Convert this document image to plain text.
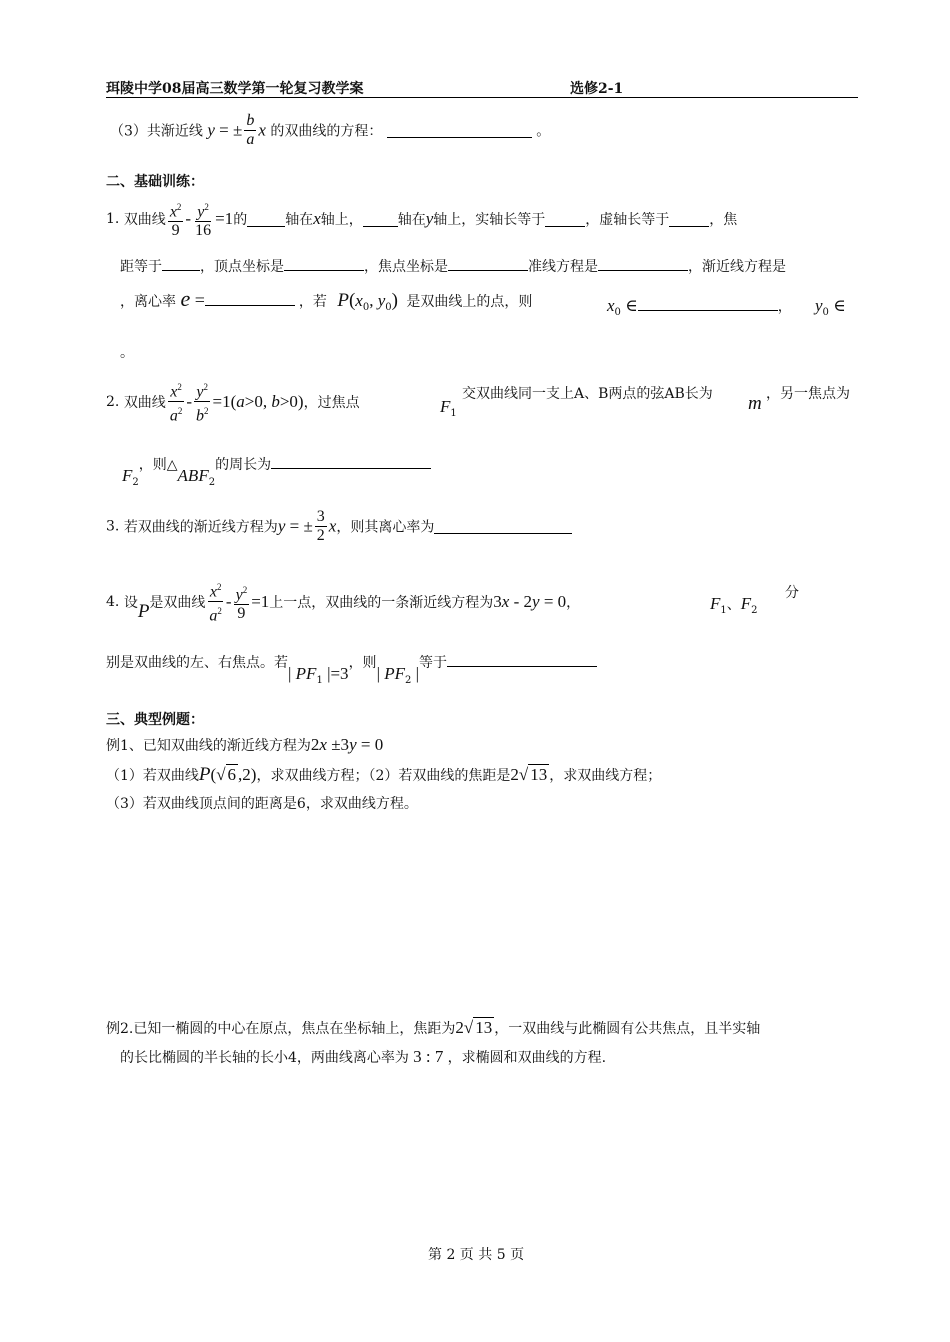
珥陵中学08届高三数学第一轮复习教学案	选修2-1
（3）共渐近线 y = ± $\frac{b}{a}$ x 的双曲线的方程：	。
二、基础训练：
1. 双曲线 $\frac{x^2}{9} - \frac{y^2}{16} =1$的	轴在x轴上，	轴在y轴上，实轴长等于	，虚轴长等于	，焦
距等于	，顶点坐标是	，焦点坐标是	准线方程是	，渐近线方程是
，离心率 e =	，若 $P(x_0$, $y_0$) 是双曲线上的点，则	$x_0$ ∈	， $y_0$ ∈
。
2. 双曲线 $\frac{x^2}{a^2} - \frac{y^2}{b^2} =1(a>0$, b>0)，过焦点	$F_1$
交双曲线同一支上A、B两点的弦AB长为 m ，另一焦点为
$F_2$，则$\triangle ABF_2$的周长为
3. 若双曲线的渐近线方程为y = ± $\frac{3}{2}$ x，则其离心率为
4. 设P是双曲线 $\frac{x^2}{a^2} - \frac{y^2}{9} =1$上一点，双曲线的一条渐近线方程为3x - 2y = 0，	$F_1$、$F_2$
分
别是双曲线的左、右焦点。若| $PF_1$ |=3，则| $PF_2$ |等于
三、典型例题：
例1、已知双曲线的渐近线方程为2x ±3y = 0
（1）若双曲线P(√ 6 ,2)，求双曲线方程；（2）若双曲线的焦距是2√ 13 ，求双曲线方程；
（3）若双曲线顶点间的距离是6，求双曲线方程。
例2.已知一椭圆的中心在原点，焦点在坐标轴上，焦距为2√ 13 ，一双曲线与此椭圆有公共焦点，且半实轴
的长比椭圆的半长轴的长小4，两曲线离心率为 3 : 7 ，求椭圆和双曲线的方程.
第 2 页 共 5 页
